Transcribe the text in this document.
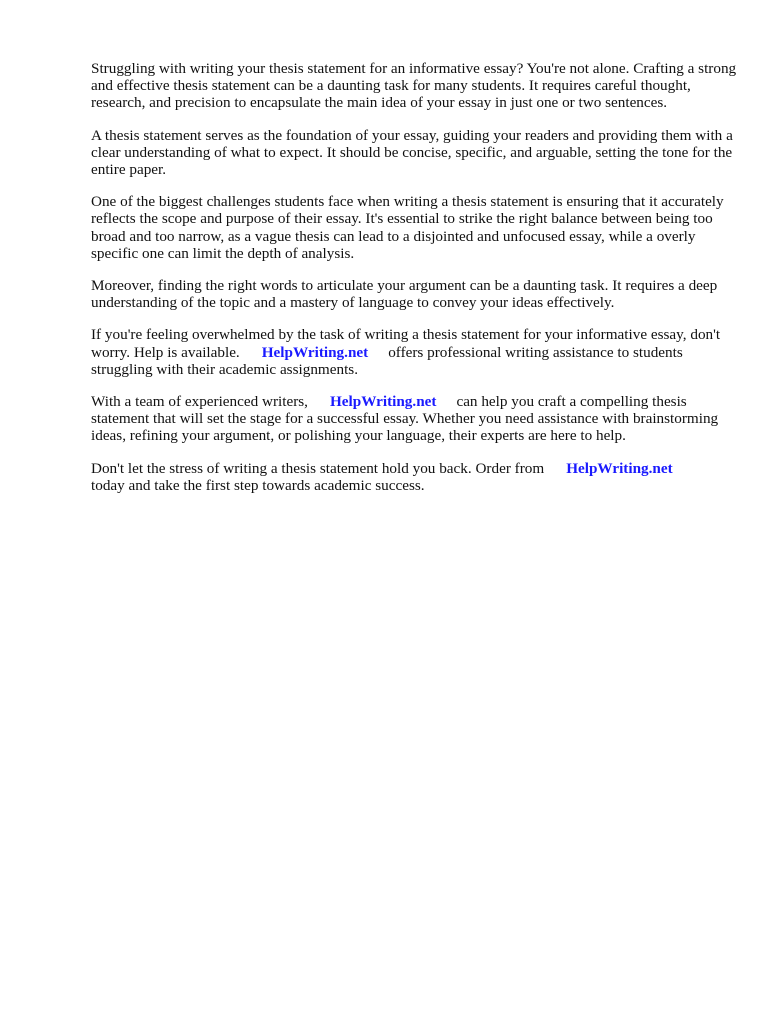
Struggling with writing your thesis statement for an informative essay? You're not alone. Crafting a strong and effective thesis statement can be a daunting task for many students. It requires careful thought, research, and precision to encapsulate the main idea of your essay in just one or two sentences.

A thesis statement serves as the foundation of your essay, guiding your readers and providing them with a clear understanding of what to expect. It should be concise, specific, and arguable, setting the tone for the entire paper.

One of the biggest challenges students face when writing a thesis statement is ensuring that it accurately reflects the scope and purpose of their essay. It's essential to strike the right balance between being too broad and too narrow, as a vague thesis can lead to a disjointed and unfocused essay, while a overly specific one can limit the depth of analysis.

Moreover, finding the right words to articulate your argument can be a daunting task. It requires a deep understanding of the topic and a mastery of language to convey your ideas effectively.

If you're feeling overwhelmed by the task of writing a thesis statement for your informative essay, don't worry. Help is available. HelpWriting.net offers professional writing assistance to students struggling with their academic assignments.

With a team of experienced writers, HelpWriting.net can help you craft a compelling thesis statement that will set the stage for a successful essay. Whether you need assistance with brainstorming ideas, refining your argument, or polishing your language, their experts are here to help.

Don't let the stress of writing a thesis statement hold you back. Order from HelpWriting.net
today and take the first step towards academic success.
